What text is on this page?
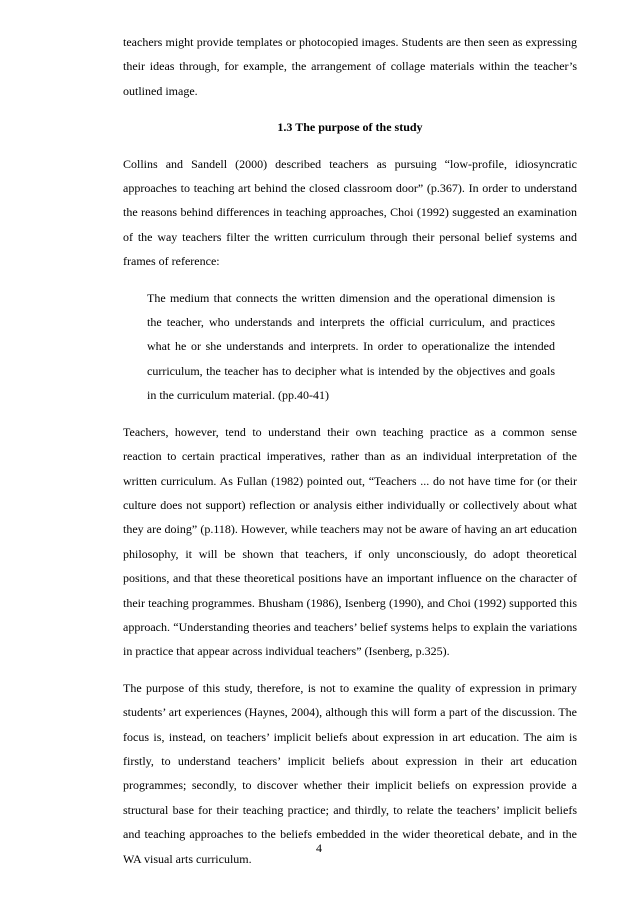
teachers might provide templates or photocopied images. Students are then seen as expressing their ideas through, for example, the arrangement of collage materials within the teacher’s outlined image.

1.3 The purpose of the study

Collins and Sandell (2000) described teachers as pursuing “low-profile, idiosyncratic approaches to teaching art behind the closed classroom door” (p.367). In order to understand the reasons behind differences in teaching approaches, Choi (1992) suggested an examination of the way teachers filter the written curriculum through their personal belief systems and frames of reference:

The medium that connects the written dimension and the operational dimension is the teacher, who understands and interprets the official curriculum, and practices what he or she understands and interprets. In order to operationalize the intended curriculum, the teacher has to decipher what is intended by the objectives and goals in the curriculum material. (pp.40-41)

Teachers, however, tend to understand their own teaching practice as a common sense reaction to certain practical imperatives, rather than as an individual interpretation of the written curriculum. As Fullan (1982) pointed out, “Teachers ... do not have time for (or their culture does not support) reflection or analysis either individually or collectively about what they are doing” (p.118). However, while teachers may not be aware of having an art education philosophy, it will be shown that teachers, if only unconsciously, do adopt theoretical positions, and that these theoretical positions have an important influence on the character of their teaching programmes. Bhusham (1986), Isenberg (1990), and Choi (1992) supported this approach. “Understanding theories and teachers’ belief systems helps to explain the variations in practice that appear across individual teachers” (Isenberg, p.325).

The purpose of this study, therefore, is not to examine the quality of expression in primary students’ art experiences (Haynes, 2004), although this will form a part of the discussion. The focus is, instead, on teachers’ implicit beliefs about expression in art education. The aim is firstly, to understand teachers’ implicit beliefs about expression in their art education programmes; secondly, to discover whether their implicit beliefs on expression provide a structural base for their teaching practice; and thirdly, to relate the teachers’ implicit beliefs and teaching approaches to the beliefs embedded in the wider theoretical debate, and in the WA visual arts curriculum.

4
